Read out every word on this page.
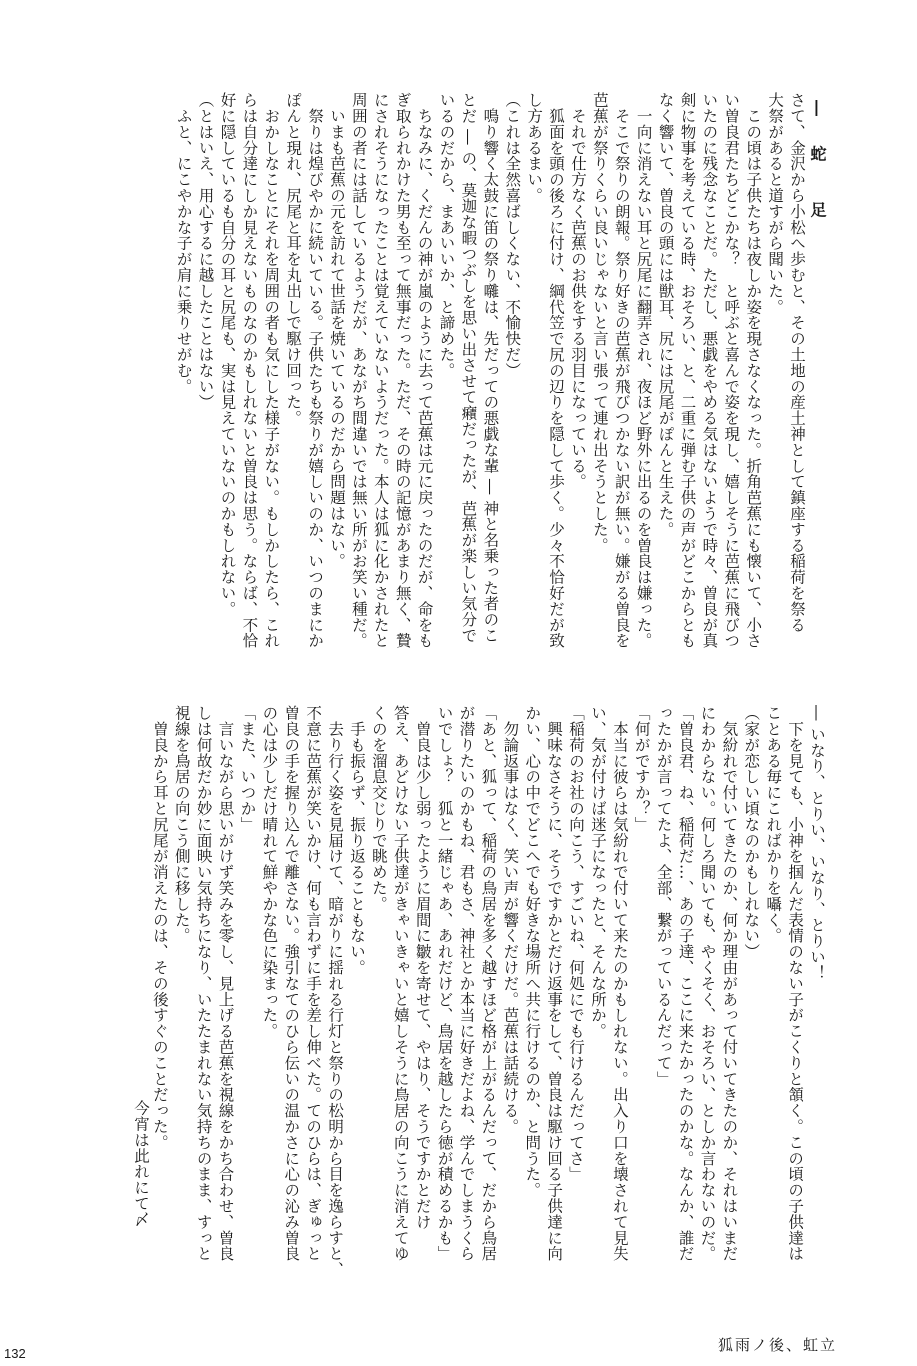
― 蛇　足

さて、金沢から小松へ歩むと、その土地の産土神として鎮座する稲荷を祭る

大祭があると道すがら聞いた。

　この頃は子供たちは夜しか姿を現さなくなった。折角芭蕉にも懐いて、小さ

い曽良君たちどこかな？　と呼ぶと喜んで姿を現し、嬉しそうに芭蕉に飛びつ

いたのに残念なことだ。ただし、悪戯をやめる気はないようで時々、曽良が真

剣に物事を考えている時、おそろい、と、二重に弾む子供の声がどこからとも

なく響いて、曽良の頭には獣耳、尻には尻尾がぽんと生えた。

　一向に消えない耳と尻尾に翻弄され、夜ほど野外に出るのを曽良は嫌った。

　そこで祭りの朗報。祭り好きの芭蕉が飛びつかない訳が無い。嫌がる曽良を

芭蕉が祭りくらい良いじゃないと言い張って連れ出そうとした。

　それで仕方なく芭蕉のお供をする羽目になっている。

　狐面を頭の後ろに付け、綱代笠で尻の辺りを隠して歩く。少々不恰好だが致

し方あるまい。

（これは全然喜ばしくない、不愉快だ）

　鳴り響く太鼓に笛の祭り囃は、先だっての悪戯な輩 ― 神と名乗った者のこ

とだ ― の、莫迦な暇つぶしを思い出させて癪だったが、芭蕉が楽しい気分で

いるのだから、まあいいか、と諦めた。

　ちなみに、くだんの神が嵐のように去って芭蕉は元に戻ったのだが、命をも

ぎ取られかけた男も至って無事だった。ただ、その時の記憶があまり無く、贄

にされそうになったことは覚えていないようだった。本人は狐に化かされたと

周囲の者には話しているようだが、あながち間違いでは無い所がお笑い種だ。

　いまも芭蕉の元を訪れて世話を焼いているのだから問題はない。

　祭りは煌びやかに続いている。子供たちも祭りが嬉しいのか、いつのまにか

ぽんと現れ、尻尾と耳を丸出しで駆け回った。

　おかしなことにそれを周囲の者も気にした様子がない。もしかしたら、これ

らは自分達にしか見えないものなのかもしれないと曽良は思う。ならば、不恰

好に隠しているも自分の耳と尻尾も、実は見えていないのかもしれない。

（とはいえ、用心するに越したことはない）

　ふと、にこやかな子が肩に乗りせがむ。

― いなり、とりい、いなり、とりい！

　下を見ても、小神を掴んだ表情のない子がこくりと頷く。この頃の子供達は

ことある毎にこればかりを囁く。

（家が恋しい頃なのかもしれない）

　気紛れで付いてきたのか、何か理由があって付いてきたのか、それはいまだ

にわからない。何しろ聞いても、やくそく、おそろい、としか言わないのだ。

「曽良君、ね、稲荷だ…、あの子達、ここに来たかったのかな。なんか、誰だ

ったかが言ってたよ、全部、繋がっているんだって」

「何がですか？」

　本当に彼らは気紛れで付いて来たのかもしれない。出入り口を壊されて見失

い、気が付けば迷子になったと、そんな所か。

「稲荷のお社の向こう、すごいね、何処にでも行けるんだってさ」

　興味なさそうに、そうですかとだけ返事をして、曽良は駆け回る子供達に向

かい、心の中でどこへでも好きな場所へ共に行けるのか、と問うた。

　勿論返事はなく、笑い声が響くだけだ。芭蕉は話続ける。

「あと、狐って、稲荷の鳥居を多く越すほど格が上がるんだって、だから鳥居

が潜りたいのかもね、君もさ、神社とか本当に好きだよね、学んでしまうくら

いでしょ？　狐と一緒じゃあ、あれだけど、鳥居を越したら徳が積めるかも」

　曽良は少し弱ったように眉間に皺を寄せて、やはり、そうですかとだけ

答え、あどけない子供達がきゃいきゃいと嬉しそうに鳥居の向こうに消えてゆ

くのを溜息交じりで眺めた。

　手も振らず、振り返ることもない。

　去り行く姿を見届けて、暗がりに揺れる行灯と祭りの松明から目を逸らすと、

不意に芭蕉が笑いかけ、何も言わずに手を差し伸べた。てのひらは、ぎゅっと

曽良の手を握り込んで離さない。強引なてのひら伝いの温かさに心の沁み曽良

の心は少しだけ晴れて鮮やかな色に染まった。

「また、いつか」

　言いながら思いがけず笑みを零し、見上げる芭蕉を視線をかち合わせ、曽良

しは何故だか妙に面映い気持ちになり、いたたまれない気持ちのまま、すっと

視線を鳥居の向こう側に移した。

　曽良から耳と尻尾が消えたのは、その後すぐのことだった。

今宵は此れにて〆
狐雨ノ後、虹立
132
